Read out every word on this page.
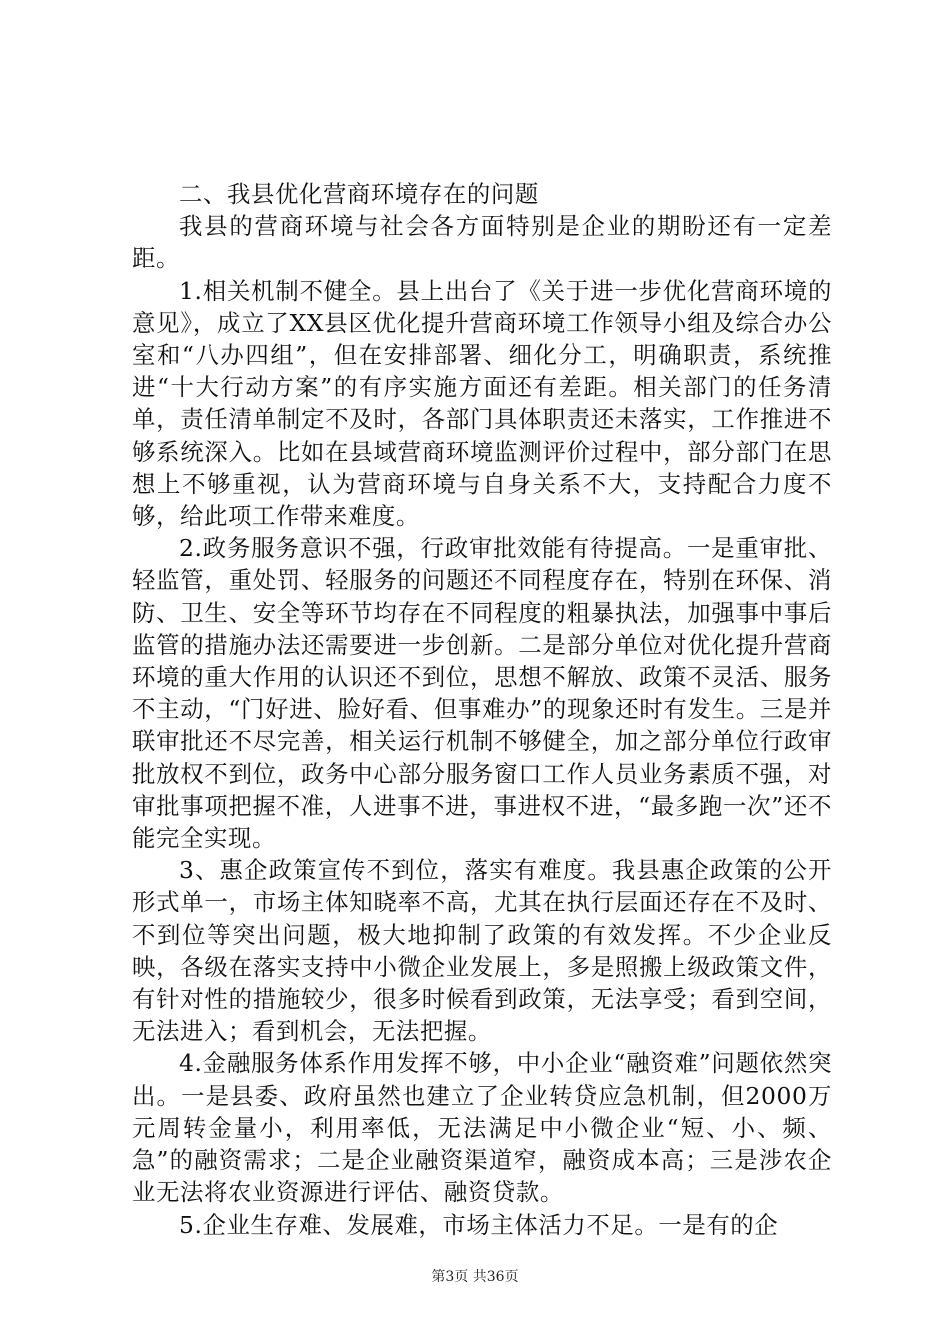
二、我县优化营商环境存在的问题

我县的营商环境与社会各方面特别是企业的期盼还有一定差距。

1.相关机制不健全。县上出台了《关于进一步优化营商环境的意见》，成立了XX县区优化提升营商环境工作领导小组及综合办公室和“八办四组”，但在安排部署、细化分工，明确职责，系统推进“十大行动方案”的有序实施方面还有差距。相关部门的任务清单，责任清单制定不及时，各部门具体职责还未落实，工作推进不够系统深入。比如在县域营商环境监测评价过程中，部分部门在思想上不够重视，认为营商环境与自身关系不大，支持配合力度不够，给此项工作带来难度。

2.政务服务意识不强，行政审批效能有待提高。一是重审批、轻监管，重处罚、轻服务的问题还不同程度存在，特别在环保、消防、卫生、安全等环节均存在不同程度的粗暴执法，加强事中事后监管的措施办法还需要进一步创新。二是部分单位对优化提升营商环境的重大作用的认识还不到位，思想不解放、政策不灵活、服务不主动，“门好进、脸好看、但事难办”的现象还时有发生。三是并联审批还不尽完善，相关运行机制不够健全，加之部分单位行政审批放权不到位，政务中心部分服务窗口工作人员业务素质不强，对审批事项把握不准，人进事不进，事进权不进，“最多跑一次”还不能完全实现。

3、惠企政策宣传不到位，落实有难度。我县惠企政策的公开形式单一，市场主体知晓率不高，尤其在执行层面还存在不及时、不到位等突出问题，极大地抑制了政策的有效发挥。不少企业反映，各级在落实支持中小微企业发展上，多是照搬上级政策文件，有针对性的措施较少，很多时候看到政策，无法享受；看到空间，无法进入；看到机会，无法把握。

4.金融服务体系作用发挥不够，中小企业“融资难”问题依然突出。一是县委、政府虽然也建立了企业转贷应急机制，但2000万元周转金量小，利用率低，无法满足中小微企业“短、小、频、急”的融资需求；二是企业融资渠道窄，融资成本高；三是涉农企业无法将农业资源进行评估、融资贷款。

5.企业生存难、发展难，市场主体活力不足。一是有的企

第3页 共36页
